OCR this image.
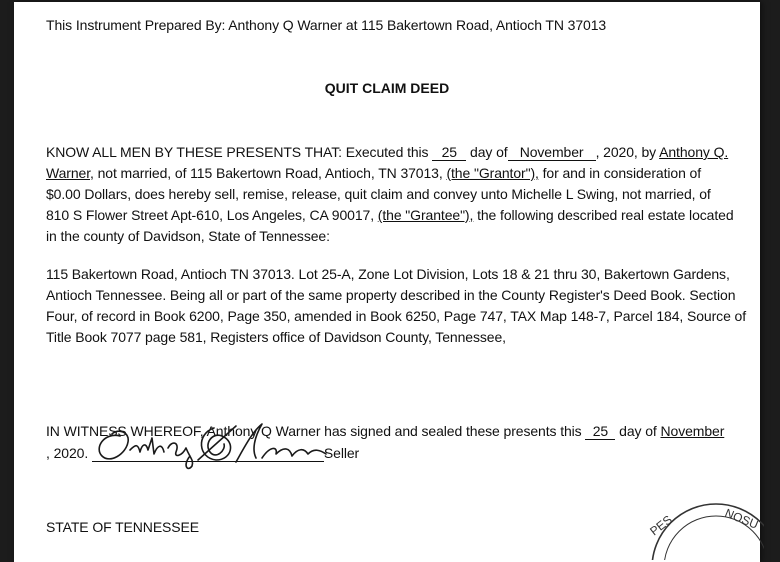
This Instrument Prepared By: Anthony Q Warner at 115 Bakertown Road, Antioch TN 37013
QUIT CLAIM DEED
KNOW ALL MEN BY THESE PRESENTS THAT: Executed this 25 day of November , 2020, by Anthony Q.
Warner, not married, of 115 Bakertown Road, Antioch, TN 37013, (the "Grantor"), for and in consideration of
$0.00 Dollars, does hereby sell, remise, release, quit claim and convey unto Michelle L Swing, not married, of
810 S Flower Street Apt-610, Los Angeles, CA 90017, (the "Grantee"), the following described real estate located
in the county of Davidson, State of Tennessee:
115 Bakertown Road, Antioch TN 37013. Lot 25-A, Zone Lot Division, Lots 18 & 21 thru 30, Bakertown Gardens,
Antioch Tennessee. Being all or part of the same property described in the County Register's Deed Book. Section
Four, of record in Book 6200, Page 350, amended in Book 6250, Page 747, TAX Map 148-7, Parcel 184, Source of
Title Book 7077 page 581, Registers office of Davidson County, Tennessee,
IN WITNESS WHEREOF, Anthony Q Warner has signed and sealed these presents this 25 day of November
, 2020.	Seller
STATE OF TENNESSEE	PES	NOSU
